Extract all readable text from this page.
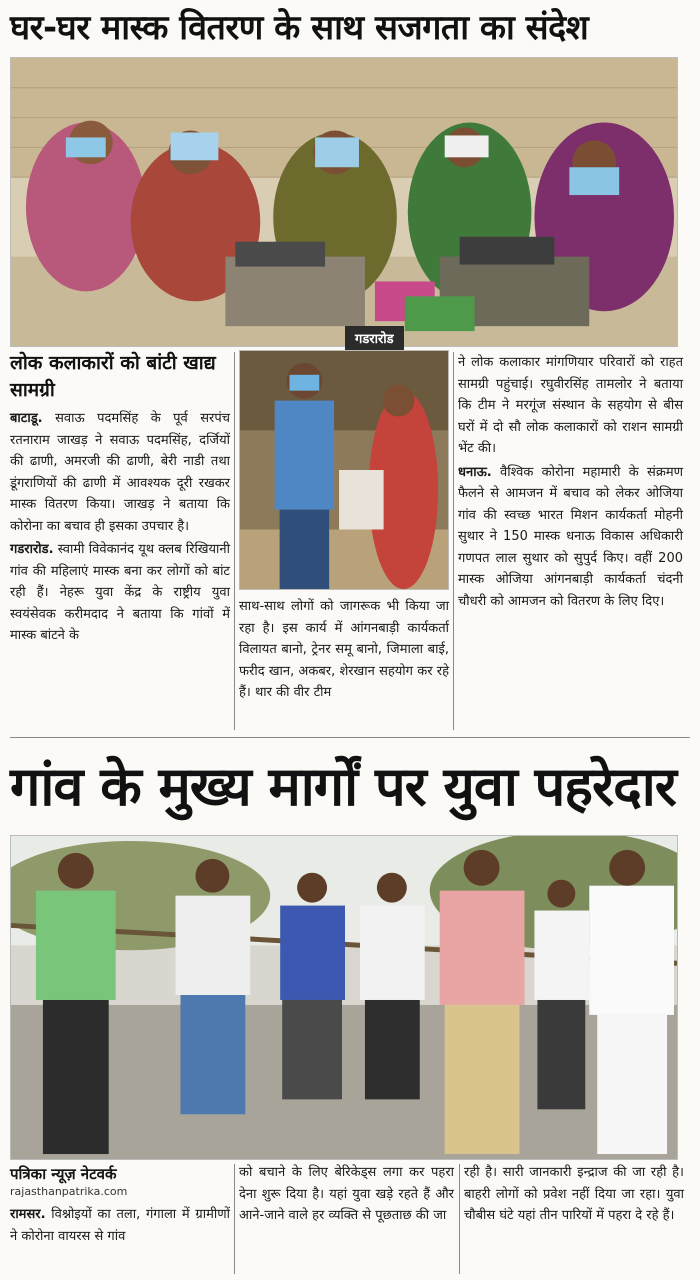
घर-घर मास्क वितरण के साथ सजगता का संदेश
गडरारोड
लोक कलाकारों को बांटी खाद्य सामग्री

बाटाडू. सवाऊ पदमसिंह के पूर्व सरपंच रतनाराम जाखड़ ने सवाऊ पदमसिंह, दर्जियों की ढाणी, अमरजी की ढाणी, बेरी नाडी तथा डूंगराणियों की ढाणी में आवश्यक दूरी रखकर मास्क वितरण किया। जाखड़ ने बताया कि कोरोना का बचाव ही इसका उपचार है।

गडरारोड. स्वामी विवेकानंद यूथ क्लब रिखियानी गांव की महिलाएं मास्क बना कर लोगों को बांट रही हैं। नेहरू युवा केंद्र के राष्ट्रीय युवा स्वयंसेवक करीमदाद ने बताया कि गांवों में मास्क बांटने के

साथ-साथ लोगों को जागरूक भी किया जा रहा है। इस कार्य में आंगनबाड़ी कार्यकर्ता विलायत बानो, ट्रेनर समू बानो, जिमाला बाई, फरीद खान, अकबर, शेरखान सहयोग कर रहे हैं। थार की वीर टीम

ने लोक कलाकार मांगणियार परिवारों को राहत सामग्री पहुंचाई। रघुवीरसिंह तामलोर ने बताया कि टीम ने मरगूंज संस्थान के सहयोग से बीस घरों में दो सौ लोक कलाकारों को राशन सामग्री भेंट की।

धनाऊ. वैश्विक कोरोना महामारी के संक्रमण फैलने से आमजन में बचाव को लेकर ओजिया गांव की स्वच्छ भारत मिशन कार्यकर्ता मोहनी सुथार ने 150 मास्क धनाऊ विकास अधिकारी गणपत लाल सुथार को सुपुर्द किए। वहीं 200 मास्क ओजिया आंगनबाड़ी कार्यकर्ता चंदनी चौधरी को आमजन को वितरण के लिए दिए।

गांव के मुख्य मार्गों पर युवा पहरेदार
पत्रिका न्यूज़ नेटवर्क
rajasthanpatrika.com

रामसर. विश्नोइयों का तला, गंगाला में ग्रामीणों ने कोरोना वायरस से गांव

को बचाने के लिए बेरिकेड्स लगा कर पहरा देना शुरू दिया है। यहां युवा खड़े रहते हैं और आने-जाने वाले हर व्यक्ति से पूछताछ की जा

रही है। सारी जानकारी इन्द्राज की जा रही है। बाहरी लोगों को प्रवेश नहीं दिया जा रहा। युवा चौबीस घंटे यहां तीन पारियों में पहरा दे रहे हैं।
